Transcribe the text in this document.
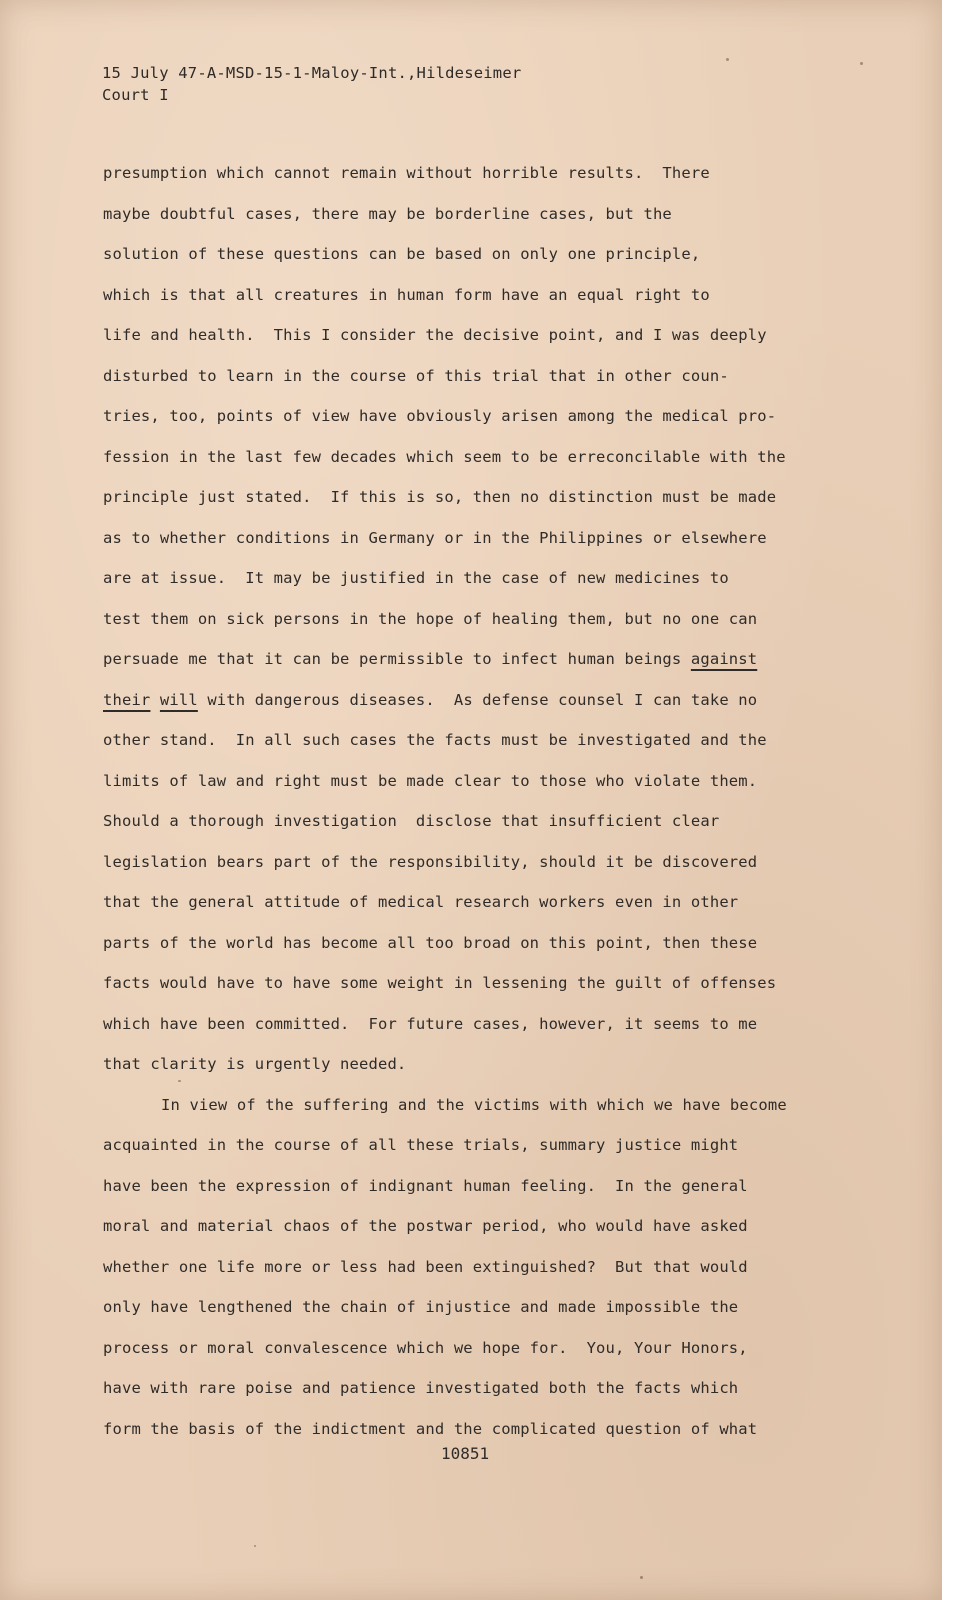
15 July 47-A-MSD-15-1-Maloy-Int.,Hildeseimer
Court I
presumption which cannot remain without horrible results.  There
maybe doubtful cases, there may be borderline cases, but the
solution of these questions can be based on only one principle,
which is that all creatures in human form have an equal right to
life and health.  This I consider the decisive point, and I was deeply
disturbed to learn in the course of this trial that in other coun-
tries, too, points of view have obviously arisen among the medical pro-
fession in the last few decades which seem to be erreconcilable with the
principle just stated.  If this is so, then no distinction must be made
as to whether conditions in Germany or in the Philippines or elsewhere
are at issue.  It may be justified in the case of new medicines to
test them on sick persons in the hope of healing them, but no one can
persuade me that it can be permissible to infect human beings against
their will with dangerous diseases.  As defense counsel I can take no
other stand.  In all such cases the facts must be investigated and the
limits of law and right must be made clear to those who violate them.
Should a thorough investigation  disclose that insufficient clear
legislation bears part of the responsibility, should it be discovered
that the general attitude of medical research workers even in other
parts of the world has become all too broad on this point, then these
facts would have to have some weight in lessening the guilt of offenses
which have been committed.  For future cases, however, it seems to me
that clarity is urgently needed.
In view of the suffering and the victims with which we have become
acquainted in the course of all these trials, summary justice might
have been the expression of indignant human feeling.  In the general
moral and material chaos of the postwar period, who would have asked
whether one life more or less had been extinguished?  But that would
only have lengthened the chain of injustice and made impossible the
process or moral convalescence which we hope for.  You, Your Honors,
have with rare poise and patience investigated both the facts which
form the basis of the indictment and the complicated question of what
10851
